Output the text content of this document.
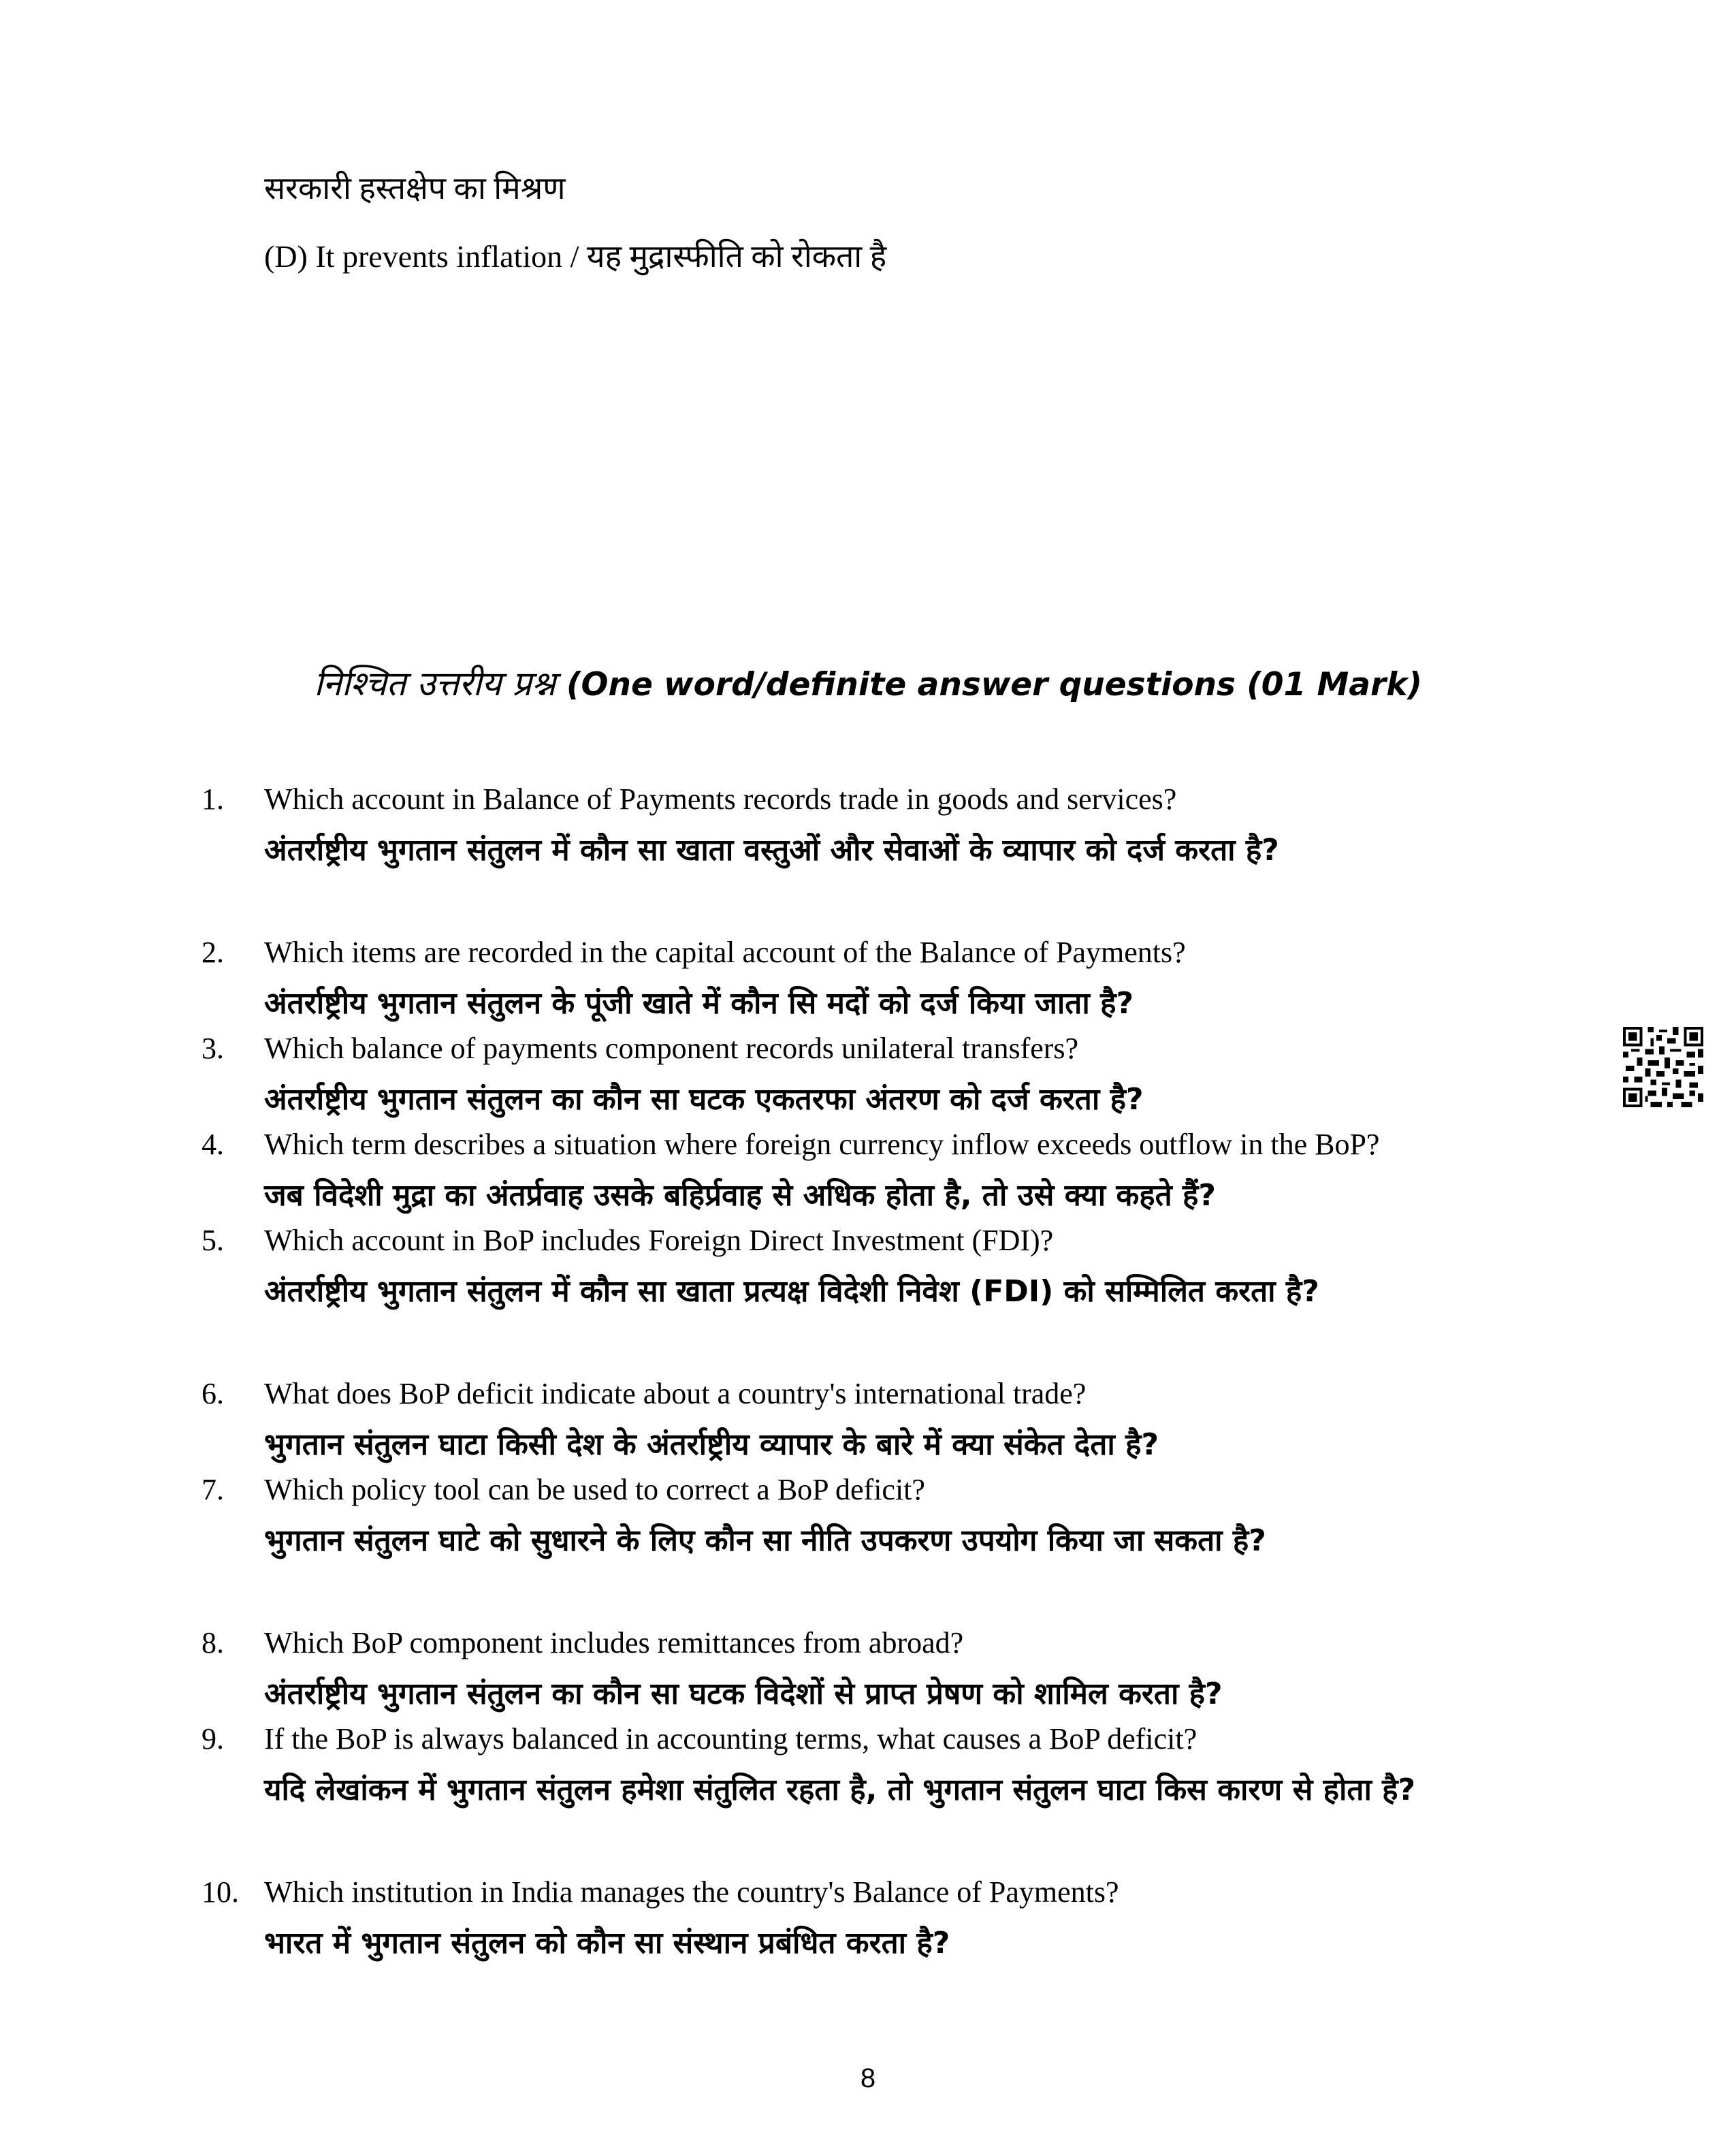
सरकारी हस्तक्षेप का मिश्रण
(D) It prevents inflation / यह मुद्रास्फीति को रोकता है
निश्चित उत्तरीय प्रश्न (One word/definite answer questions (01 Mark)
1.	Which account in Balance of Payments records trade in goods and services?
अंतर्राष्ट्रीय भुगतान संतुलन में कौन सा खाता वस्तुओं और सेवाओं के व्यापार को दर्ज करता है?
2.	Which items are recorded in the capital account of the Balance of Payments?
अंतर्राष्ट्रीय भुगतान संतुलन के पूंजी खाते में कौन सि मदों को दर्ज किया जाता है?
3.	Which balance of payments component records unilateral transfers?
अंतर्राष्ट्रीय भुगतान संतुलन का कौन सा घटक एकतरफा अंतरण को दर्ज करता है?
4.	Which term describes a situation where foreign currency inflow exceeds outflow in the BoP?
जब विदेशी मुद्रा का अंतर्प्रवाह उसके बहिर्प्रवाह से अधिक होता है, तो उसे क्या कहते हैं?
5.	Which account in BoP includes Foreign Direct Investment (FDI)?
अंतर्राष्ट्रीय भुगतान संतुलन में कौन सा खाता प्रत्यक्ष विदेशी निवेश (FDI) को सम्मिलित करता है?
6.	What does BoP deficit indicate about a country's international trade?
भुगतान संतुलन घाटा किसी देश के अंतर्राष्ट्रीय व्यापार के बारे में क्या संकेत देता है?
7.	Which policy tool can be used to correct a BoP deficit?
भुगतान संतुलन घाटे को सुधारने के लिए कौन सा नीति उपकरण उपयोग किया जा सकता है?
8.	Which BoP component includes remittances from abroad?
अंतर्राष्ट्रीय भुगतान संतुलन का कौन सा घटक विदेशों से प्राप्त प्रेषण को शामिल करता है?
9.	If the BoP is always balanced in accounting terms, what causes a BoP deficit?
यदि लेखांकन में भुगतान संतुलन हमेशा संतुलित रहता है, तो भुगतान संतुलन घाटा किस कारण से होता है?
10. Which institution in India manages the country's Balance of Payments?
भारत में भुगतान संतुलन को कौन सा संस्थान प्रबंधित करता है?
8
